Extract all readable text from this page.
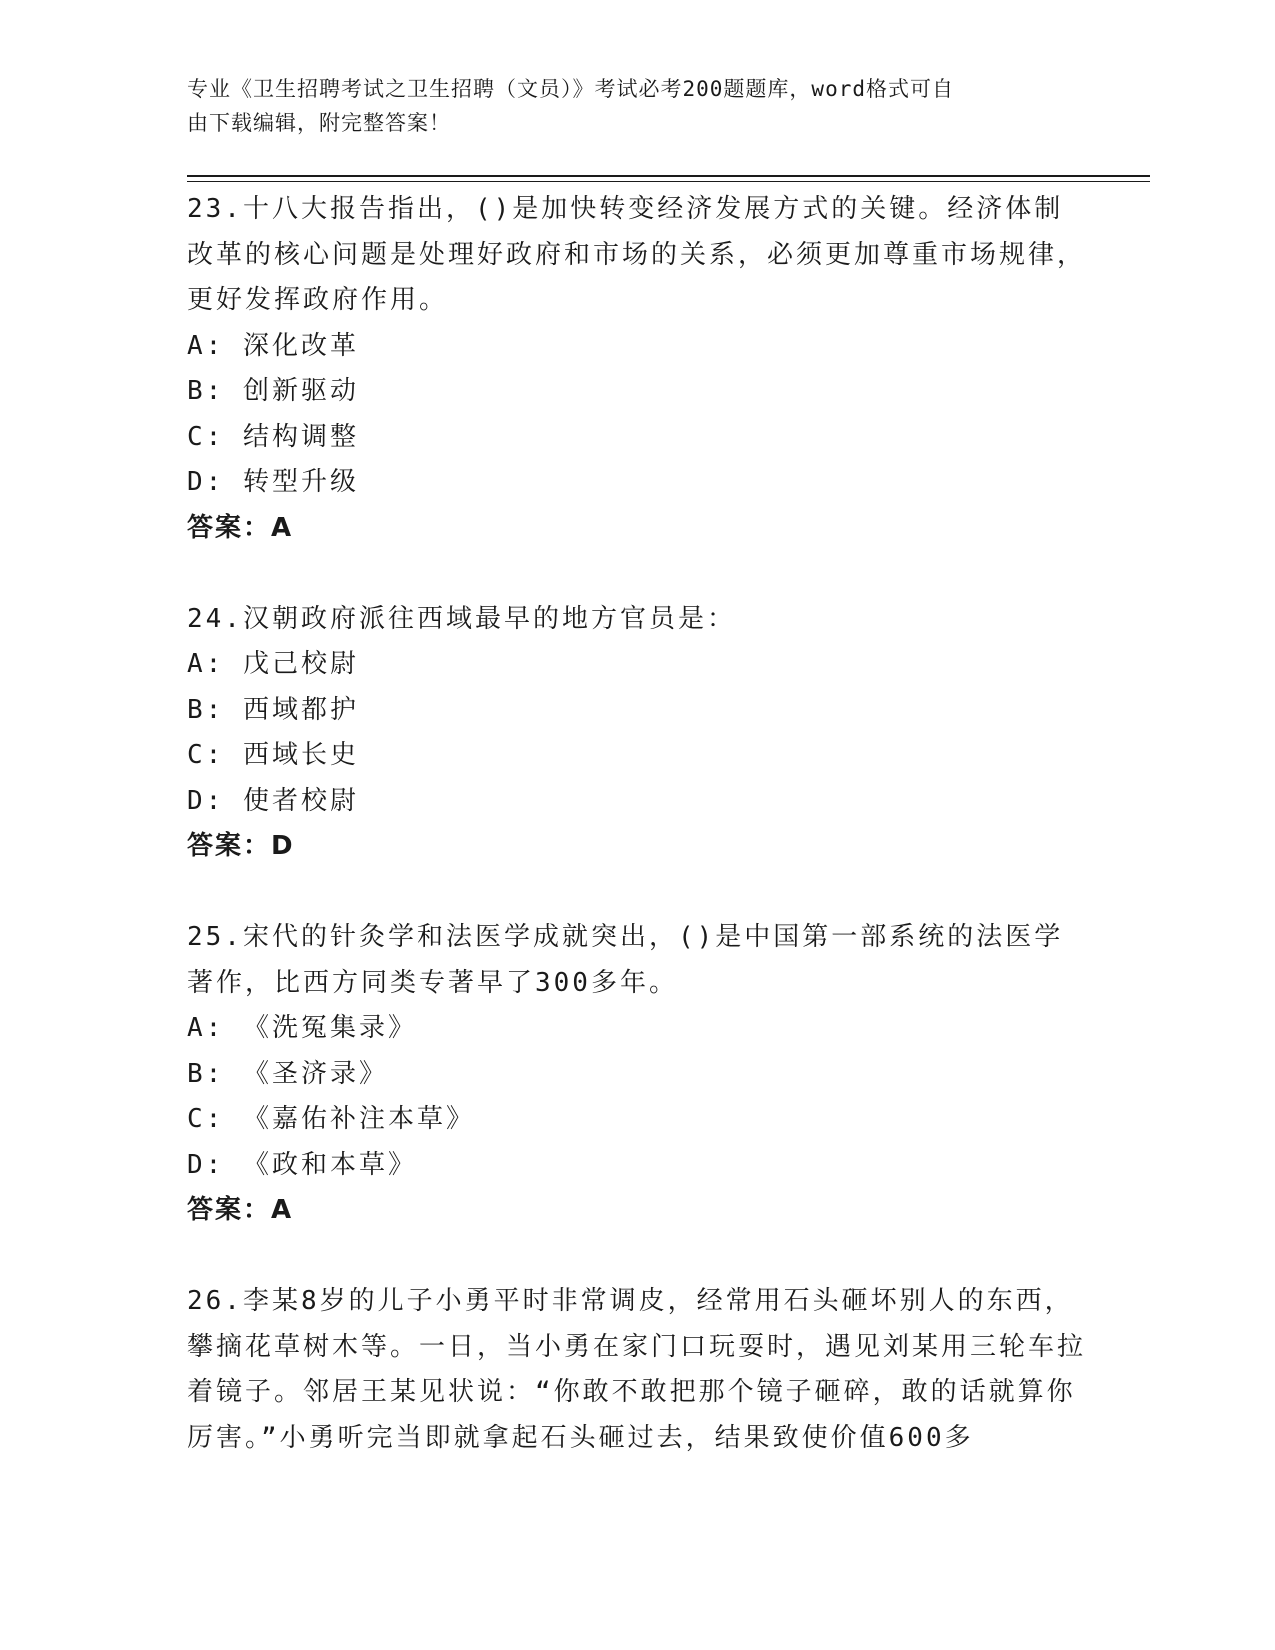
专业《卫生招聘考试之卫生招聘（文员）》考试必考200题题库，word格式可自
由下载编辑，附完整答案！
23.十八大报告指出，()是加快转变经济发展方式的关键。经济体制改革的核心问题是处理好政府和市场的关系，必须更加尊重市场规律，更好发挥政府作用。
A: 深化改革
B: 创新驱动
C: 结构调整
D: 转型升级
答案：A
24.汉朝政府派往西域最早的地方官员是：
A: 戊己校尉
B: 西域都护
C: 西域长史
D: 使者校尉
答案：D
25.宋代的针灸学和法医学成就突出，()是中国第一部系统的法医学著作，比西方同类专著早了300多年。
A: 《洗冤集录》
B: 《圣济录》
C: 《嘉佑补注本草》
D: 《政和本草》
答案：A
26.李某8岁的儿子小勇平时非常调皮，经常用石头砸坏别人的东西，攀摘花草树木等。一日，当小勇在家门口玩耍时，遇见刘某用三轮车拉着镜子。邻居王某见状说：“你敢不敢把那个镜子砸碎，敢的话就算你厉害。”小勇听完当即就拿起石头砸过去，结果致使价值600多
